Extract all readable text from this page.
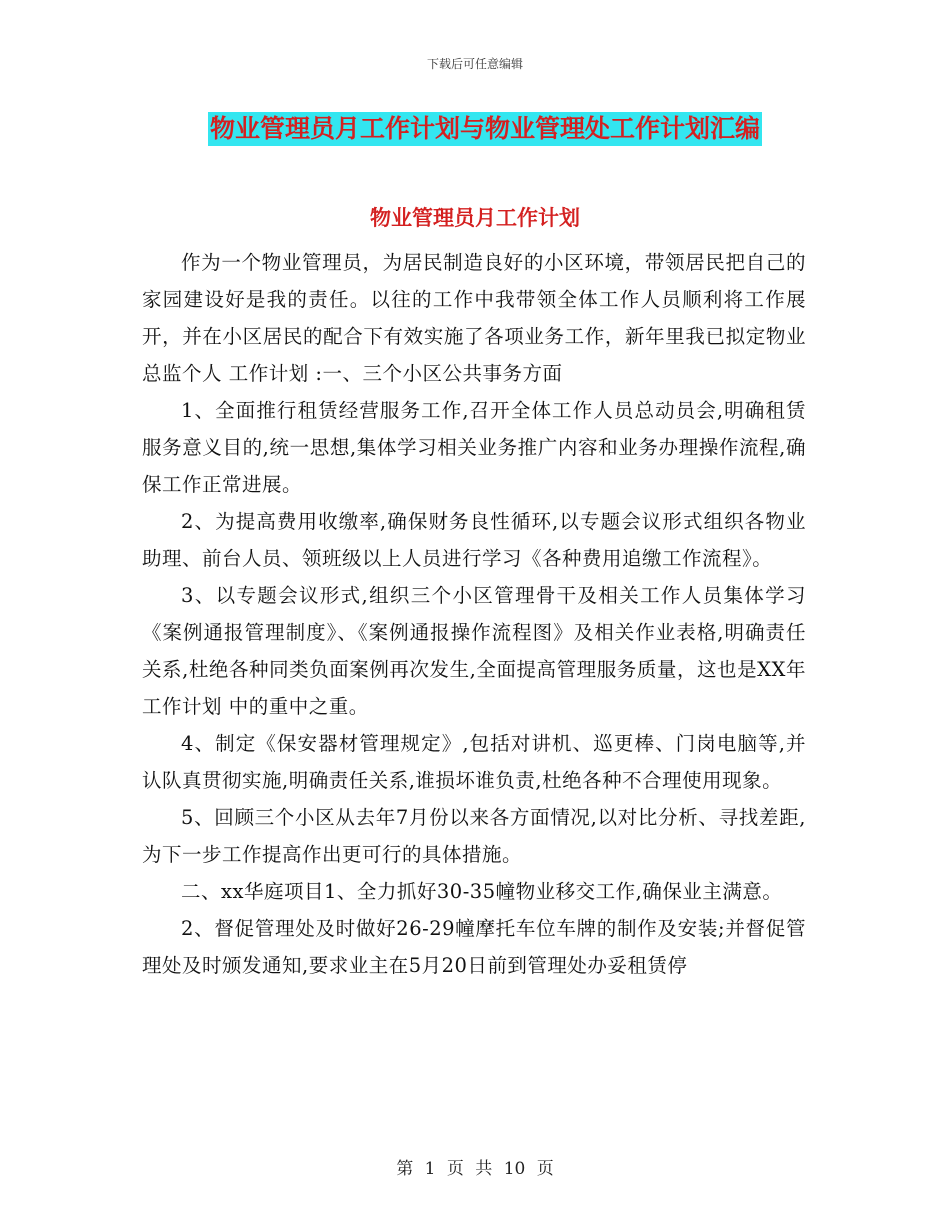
下载后可任意编辑
物业管理员月工作计划与物业管理处工作计划汇编
物业管理员月工作计划

作为一个物业管理员，为居民制造良好的小区环境，带领居民把自己的家园建设好是我的责任。以往的工作中我带领全体工作人员顺利将工作展开，并在小区居民的配合下有效实施了各项业务工作，新年里我已拟定物业总监个人 工作计划 :一、三个小区公共事务方面

1、全面推行租赁经营服务工作,召开全体工作人员总动员会,明确租赁服务意义目的,统一思想,集体学习相关业务推广内容和业务办理操作流程,确保工作正常进展。

2、为提高费用收缴率,确保财务良性循环,以专题会议形式组织各物业助理、前台人员、领班级以上人员进行学习《各种费用追缴工作流程》。

3、以专题会议形式,组织三个小区管理骨干及相关工作人员集体学习《案例通报管理制度》、《案例通报操作流程图》及相关作业表格,明确责任关系,杜绝各种同类负面案例再次发生,全面提高管理服务质量，这也是XX年 工作计划 中的重中之重。

4、制定《保安器材管理规定》,包括对讲机、巡更棒、门岗电脑等,并认队真贯彻实施,明确责任关系,谁损坏谁负责,杜绝各种不合理使用现象。

5、回顾三个小区从去年7月份以来各方面情况,以对比分析、寻找差距,为下一步工作提高作出更可行的具体措施。

二、xx华庭项目1、全力抓好30-35幢物业移交工作,确保业主满意。

2、督促管理处及时做好26-29幢摩托车位车牌的制作及安装;并督促管理处及时颁发通知,要求业主在5月20日前到管理处办妥租赁停

第 1 页 共 10 页
